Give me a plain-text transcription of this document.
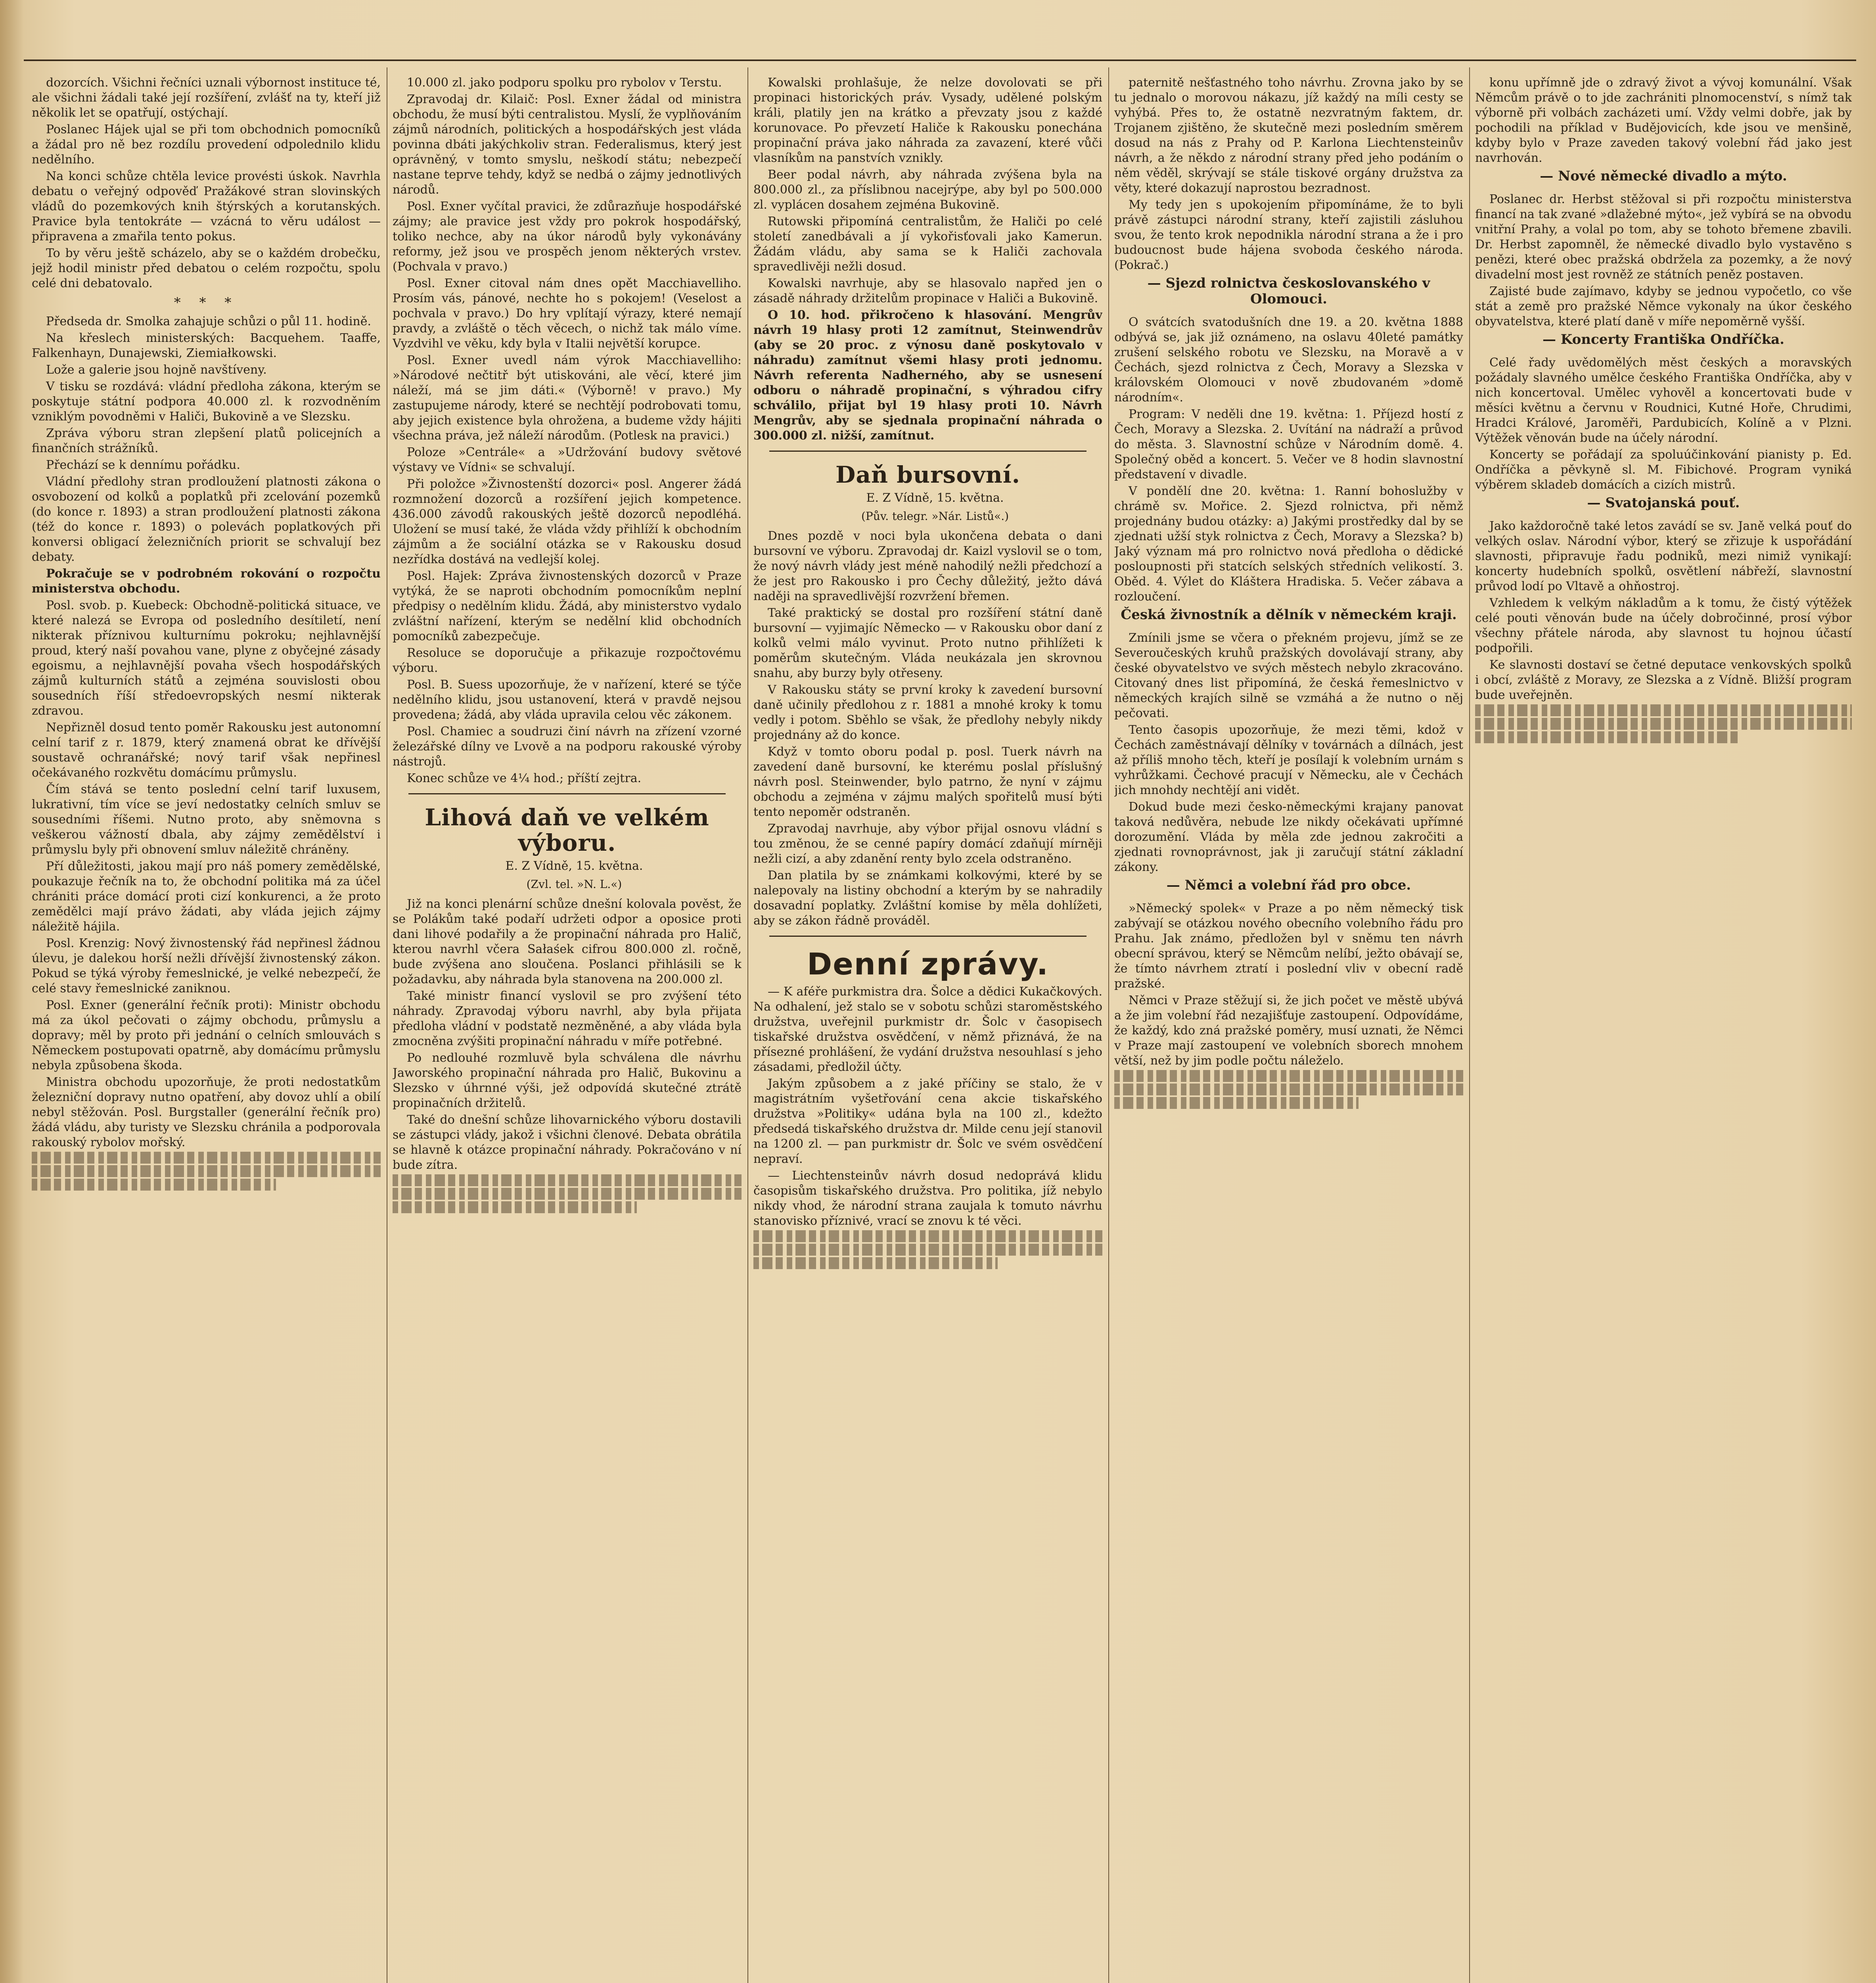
dozorcích. Všichni řečníci uznali výbornost instituce té, ale všichni žádali také její rozšíření, zvlášť na ty, kteří již několik let se opatřují, ostýchají.

Poslanec Hájek ujal se při tom obchodnich pomocníků a žádal pro ně bez rozdílu provedení odpolednilo klidu nedělního.

Na konci schůze chtěla levice provésti úskok. Navrhla debatu o veřejný odpověď Pražákové stran slovinských vládů do pozemkových knih štýrských a korutanských. Pravice byla tentokráte — vzácná to věru událost — připravena a zmařila tento pokus.

To by věru ještě scházelo, aby se o každém drobečku, jejž hodil ministr před debatou o celém rozpočtu, spolu celé dni debatovalo.

* * *

Předseda dr. Smolka zahajuje schůzi o půl 11. hodině.

Na křeslech ministerských: Bacquehem. Taaffe, Falkenhayn, Dunajewski, Ziemiałkowski.

Lože a galerie jsou hojně navštíveny.

V tisku se rozdává: vládní předloha zákona, kterým se poskytuje státní podpora 40.000 zl. k rozvodněním vzniklým povodněmi v Haliči, Bukovině a ve Slezsku.

Zpráva výboru stran zlepšení platů policejních a finančních strážníků.

Přechází se k dennímu pořádku.

Vládní předlohy stran prodloužení platnosti zákona o osvobození od kolků a poplatků při zcelování pozemků (do konce r. 1893) a stran prodloužení platnosti zákona (též do konce r. 1893) o polevách poplatkových při konversi obligací železničních priorit se schvalují bez debaty.

Pokračuje se v podrobném rokování o rozpočtu ministerstva obchodu.

Posl. svob. p. Kuebeck: Obchodně-politická situace, ve které nalezá se Evropa od posledního desítiletí, není nikterak příznivou kulturnímu pokroku; nejhlavnější proud, který naší povahou vane, plyne z obyčejné zásady egoismu, a nejhlavnější povaha všech hospodářských zájmů kulturních států a zejména souvislosti obou sousedních říší středoevropských nesmí nikterak zdravou.

Nepřizněl dosud tento poměr Rakousku jest autonomní celní tarif z r. 1879, který znamená obrat ke dřívější soustavě ochranářské; nový tarif však nepřinesl očekávaného rozkvětu domácímu průmyslu.

Čím stává se tento poslední celní tarif luxusem, lukrativní, tím více se jeví nedostatky celních smluv se sousedními říšemi. Nutno proto, aby sněmovna s veškerou vážností dbala, aby zájmy zemědělství i průmyslu byly při obnovení smluv náležitě chráněny.

Pří důležitosti, jakou mají pro náš pomery zemědělské, poukazuje řečník na to, že obchodní politika má za účel chrániti práce domácí proti cizí konkurenci, a že proto zemědělci mají právo žádati, aby vláda jejich zájmy náležitě hájila.

Posl. Krenzig: Nový živnostenský řád nepřinesl žádnou úlevu, je dalekou horší nežli dřívější živnostenský zákon. Pokud se týká výroby řemeslnické, je velké nebezpečí, že celé stavy řemeslnické zaniknou.

Posl. Exner (generální řečník proti): Ministr obchodu má za úkol pečovati o zájmy obchodu, průmyslu a dopravy; měl by proto při jednání o celních smlouvách s Německem postupovati opatrně, aby domácímu průmyslu nebyla způsobena škoda.

Ministra obchodu upozorňuje, že proti nedostatkům železniční dopravy nutno opatření, aby dovoz uhlí a obilí nebyl stěžován. Posl. Burgstaller (generální řečník pro) žádá vládu, aby turisty ve Slezsku chránila a podporovala rakouský rybolov mořský.

10.000 zl. jako podporu spolku pro rybolov v Terstu.

Zpravodaj dr. Kilaič: Posl. Exner žádal od ministra obchodu, že musí býti centralistou. Myslí, že vyplňováním zájmů národních, politických a hospodářských jest vláda povinna dbáti jakýchkoliv stran. Federalismus, který jest oprávněný, v tomto smyslu, neškodí státu; nebezpečí nastane teprve tehdy, když se nedbá o zájmy jednotlivých národů.

Posl. Exner vyčítal pravici, že zdůrazňuje hospodářské zájmy; ale pravice jest vždy pro pokrok hospodářský, toliko nechce, aby na úkor národů byly vykonávány reformy, jež jsou ve prospěch jenom některých vrstev. (Pochvala v pravo.)

Posl. Exner citoval nám dnes opět Macchiavelliho. Prosím vás, pánové, nechte ho s pokojem! (Veselost a pochvala v pravo.) Do hry vplítají výrazy, které nemají pravdy, a zvláště o těch věcech, o nichž tak málo víme. Vyzdvihl ve věku, kdy byla v Italii největší korupce.

Posl. Exner uvedl nám výrok Macchiavelliho: »Národové nečtitř být utiskováni, ale věcí, které jim náleží, má se jim dáti.« (Výborně! v pravo.) My zastupujeme národy, které se nechtějí podrobovati tomu, aby jejich existence byla ohrožena, a budeme vždy hájiti všechna práva, jež náleží národům. (Potlesk na pravici.)

Poloze »Centrále« a »Udržování budovy světové výstavy ve Vídni« se schvalují.

Při položce »Živnostenští dozorci« posl. Angerer žádá rozmnožení dozorců a rozšíření jejich kompetence. 436.000 závodů rakouských ještě dozorců nepodléhá. Uložení se musí také, že vláda vždy přihlíží k obchodním zájmům a že sociální otázka se v Rakousku dosud nezřídka dostává na vedlejší kolej.

Posl. Hajek: Zpráva živnostenských dozorců v Praze vytýká, že se naproti obchodním pomocníkům neplní předpisy o nedělním klidu. Žádá, aby ministerstvo vydalo zvláštní nařízení, kterým se nedělní klid obchodních pomocníků zabezpečuje.

Resoluce se doporučuje a přikazuje rozpočtovému výboru.

Posl. B. Suess upozorňuje, že v nařízení, které se týče nedělního klidu, jsou ustanovení, která v pravdě nejsou provedena; žádá, aby vláda upravila celou věc zákonem.

Posl. Chamiec a soudruzi činí návrh na zřízení vzorné železářské dílny ve Lvově a na podporu rakouské výroby nástrojů.

Konec schůze ve 4¼ hod.; příští zejtra.

Lihová daň ve velkém výboru.

E. Z Vídně, 15. května.

(Zvl. tel. »N. L.«)

Již na konci plenární schůze dnešní kolovala pověst, že se Polákům také podaří udržeti odpor a oposice proti dani lihové podařily a že propinační náhrada pro Halič, kterou navrhl včera Sałaśek cifrou 800.000 zl. ročně, bude zvýšena ano sloučena. Poslanci přihlásili se k požadavku, aby náhrada byla stanovena na 200.000 zl.

Také ministr financí vyslovil se pro zvýšení této náhrady. Zpravodaj výboru navrhl, aby byla přijata předloha vládní v podstatě nezměněné, a aby vláda byla zmocněna zvýšiti propinační náhradu v míře potřebné.

Po nedlouhé rozmluvě byla schválena dle návrhu Jaworského propinační náhrada pro Halič, Bukovinu a Slezsko v úhrnné výši, jež odpovídá skutečné ztrátě propinačních držitelů.

Také do dnešní schůze lihovarnického výboru dostavili se zástupci vlády, jakož i všichni členové. Debata obrátila se hlavně k otázce propinační náhrady. Pokračováno v ní bude zítra.

Kowalski prohlašuje, že nelze dovolovati se při propinaci historických práv. Vysady, udělené polským králi, platily jen na krátko a převzaty jsou z každé korunovace. Po převzetí Haliče k Rakousku ponechána propinační práva jako náhrada za zavazení, které vůči vlasníkům na panstvích vznikly.

Beer podal návrh, aby náhrada zvýšena byla na 800.000 zl., za příslibnou nacejrýpe, aby byl po 500.000 zl. vyplácen dosahem zejména Bukovině.

Rutowski připomíná centralistům, že Haliči po celé století zanedbávali a jí vykořisťovali jako Kamerun. Žádám vládu, aby sama se k Haliči zachovala spravedlivěji nežli dosud.

Kowalski navrhuje, aby se hlasovalo napřed jen o zásadě náhrady držitelům propinace v Haliči a Bukovině.

O 10. hod. přikročeno k hlasování. Mengrův návrh 19 hlasy proti 12 zamítnut, Steinwendrův (aby se 20 proc. z výnosu daně poskytovalo v náhradu) zamítnut všemi hlasy proti jednomu. Návrh referenta Nadherného, aby se usnesení odboru o náhradě propinační, s výhradou cifry schválilo, přijat byl 19 hlasy proti 10. Návrh Mengrův, aby se sjednala propinační náhrada o 300.000 zl. nižší, zamítnut.

Daň bursovní.

E. Z Vídně, 15. května.

(Pův. telegr. »Nár. Listů«.)

Dnes pozdě v noci byla ukončena debata o dani bursovní ve výboru. Zpravodaj dr. Kaizl vyslovil se o tom, že nový návrh vlády jest méně nahodilý nežli předchozí a že jest pro Rakousko i pro Čechy důležitý, ježto dává naději na spravedlivější rozvržení břemen.

Také praktický se dostal pro rozšíření státní daně bursovní — vyjimajíc Německo — v Rakousku obor daní z kolků velmi málo vyvinut. Proto nutno přihlížeti k poměrům skutečným. Vláda neukázala jen skrovnou snahu, aby burzy byly otřeseny.

V Rakousku státy se první kroky k zavedení bursovní daně učinily předlohou z r. 1881 a mnohé kroky k tomu vedly i potom. Sběhlo se však, že předlohy nebyly nikdy projednány až do konce.

Když v tomto oboru podal p. posl. Tuerk návrh na zavedení daně bursovní, ke kterému poslal příslušný návrh posl. Steinwender, bylo patrno, že nyní v zájmu obchodu a zejména v zájmu malých spořitelů musí býti tento nepoměr odstraněn.

Zpravodaj navrhuje, aby výbor přijal osnovu vládní s tou změnou, že se cenné papíry domácí zdaňují mírněji nežli cizí, a aby zdanění renty bylo zcela odstraněno.

Dan platila by se známkami kolkovými, které by se nalepovaly na listiny obchodní a kterým by se nahradily dosavadní poplatky. Zvláštní komise by měla dohlížeti, aby se zákon řádně prováděl.

Denní zprávy.

— K aféře purkmistra dra. Šolce a dědici Kukačkových. Na odhalení, jež stalo se v sobotu schůzi staroměstského družstva, uveřejnil purkmistr dr. Šolc v časopisech tiskařské družstva osvědčení, v němž přiznává, že na přísezné prohlášení, že vydání družstva nesouhlasí s jeho zásadami, předložil účty.

Jakým způsobem a z jaké příčiny se stalo, že v magistrátním vyšetřování cena akcie tiskařského družstva »Politiky« udána byla na 100 zl., kdežto předsedá tiskařského družstva dr. Milde cenu její stanovil na 1200 zl. — pan purkmistr dr. Šolc ve svém osvědčení nepraví.

— Liechtensteinův návrh dosud nedoprává klidu časopisům tiskařského družstva. Pro politika, jíž nebylo nikdy vhod, že národní strana zaujala k tomuto návrhu stanovisko příznivé, vrací se znovu k té věci.

paternitě nešťastného toho návrhu. Zrovna jako by se tu jednalo o morovou nákazu, jíž každý na míli cesty se vyhýbá. Přes to, že ostatně nezvratným faktem, dr. Trojanem zjištěno, že skutečně mezi posledním směrem dosud na nás z Prahy od P. Karlona Liechtensteinův návrh, a že někdo z národní strany před jeho podáním o něm věděl, skrývají se stále tiskové orgány družstva za věty, které dokazují naprostou bezradnost.

My tedy jen s upokojením připomínáme, že to byli právě zástupci národní strany, kteří zajistili zásluhou svou, že tento krok nepodnikla národní strana a že i pro budoucnost bude hájena svoboda českého národa. (Pokrač.)

— Sjezd rolnictva českoslovanského v Olomouci.

O svátcích svatodušních dne 19. a 20. května 1888 odbývá se, jak již oznámeno, na oslavu 40leté památky zrušení selského robotu ve Slezsku, na Moravě a v Čechách, sjezd rolnictva z Čech, Moravy a Slezska v královském Olomouci v nově zbudovaném »domě národním«.

Program: V neděli dne 19. května: 1. Příjezd hostí z Čech, Moravy a Slezska. 2. Uvítání na nádraží a průvod do města. 3. Slavnostní schůze v Národním domě. 4. Společný oběd a koncert. 5. Večer ve 8 hodin slavnostní představení v divadle.

V pondělí dne 20. května: 1. Ranní bohoslužby v chrámě sv. Mořice. 2. Sjezd rolnictva, při němž projednány budou otázky: a) Jakými prostředky dal by se zjednati užší styk rolnictva z Čech, Moravy a Slezska? b) Jaký význam má pro rolnictvo nová předloha o dědické posloupnosti při statcích selských středních velikostí. 3. Oběd. 4. Výlet do Kláštera Hradiska. 5. Večer zábava a rozloučení.

Česká živnostník a dělník v německém kraji.

Zmínili jsme se včera o překném projevu, jímž se ze Severoučeských kruhů pražských dovolávají strany, aby české obyvatelstvo ve svých městech nebylo zkracováno. Citovaný dnes list připomíná, že česká řemeslnictvo v německých krajích silně se vzmáhá a že nutno o něj pečovati.

Tento časopis upozorňuje, že mezi těmi, kdož v Čechách zaměstnávají dělníky v továrnách a dílnách, jest až příliš mnoho těch, kteří je posílají k volebním urnám s vyhrůžkami. Čechové pracují v Německu, ale v Čechách jich mnohdy nechtějí ani vidět.

Dokud bude mezi česko-německými krajany panovat taková nedůvěra, nebude lze nikdy očekávati upřímné dorozumění. Vláda by měla zde jednou zakročiti a zjednati rovnoprávnost, jak ji zaručují státní základní zákony.

— Němci a volební řád pro obce.

»Německý spolek« v Praze a po něm německý tisk zabývají se otázkou nového obecního volebního řádu pro Prahu. Jak známo, předložen byl v sněmu ten návrh obecní správou, který se Němcům nelíbí, ježto obávají se, že tímto návrhem ztratí i poslední vliv v obecní radě pražské.

Němci v Praze stěžují si, že jich počet ve městě ubývá a že jim volební řád nezajišťuje zastoupení. Odpovídáme, že každý, kdo zná pražské poměry, musí uznati, že Němci v Praze mají zastoupení ve volebních sborech mnohem větší, než by jim podle počtu náleželo.

konu upřímně jde o zdravý život a vývoj komunální. Však Němcům právě o to jde zachrániti plnomocenství, s nímž tak výborně při volbách zacházeti umí. Vždy velmi dobře, jak by pochodili na příklad v Budějovicích, kde jsou ve menšině, kdyby bylo v Praze zaveden takový volební řád jako jest navrhován.

— Nové německé divadlo a mýto.

Poslanec dr. Herbst stěžoval si při rozpočtu ministerstva financí na tak zvané »dlažebné mýto«, jež vybírá se na obvodu vnitřní Prahy, a volal po tom, aby se tohoto břemene zbavili. Dr. Herbst zapomněl, že německé divadlo bylo vystavěno s penězi, které obec pražská obdržela za pozemky, a že nový divadelní most jest rovněž ze státních peněz postaven.

Zajisté bude zajímavo, kdyby se jednou vypočetlo, co vše stát a země pro pražské Němce vykonaly na úkor českého obyvatelstva, které platí daně v míře nepoměrně vyšší.

— Koncerty Františka Ondříčka.

Celé řady uvědomělých měst českých a moravských požádaly slavného umělce českého Františka Ondříčka, aby v nich koncertoval. Umělec vyhověl a koncertovati bude v měsíci květnu a červnu v Roudnici, Kutné Hoře, Chrudimi, Hradci Králové, Jaroměři, Pardubicích, Kolíně a v Plzni. Výtěžek věnován bude na účely národní.

Koncerty se pořádají za spoluúčinkování pianisty p. Ed. Ondříčka a pěvkyně sl. M. Fibichové. Program vyniká výběrem skladeb domácích a cizích mistrů.

— Svatojanská pouť.

Jako každoročně také letos zavádí se sv. Janě velká pouť do velkých oslav. Národní výbor, který se zřizuje k uspořádání slavnosti, připravuje řadu podniků, mezi nimiž vynikají: koncerty hudebních spolků, osvětlení nábřeží, slavnostní průvod lodí po Vltavě a ohňostroj.

Vzhledem k velkým nákladům a k tomu, že čistý výtěžek celé pouti věnován bude na účely dobročinné, prosí výbor všechny přátele národa, aby slavnost tu hojnou účastí podpořili.

Ke slavnosti dostaví se četné deputace venkovských spolků i obcí, zvláště z Moravy, ze Slezska a z Vídně. Bližší program bude uveřejněn.
